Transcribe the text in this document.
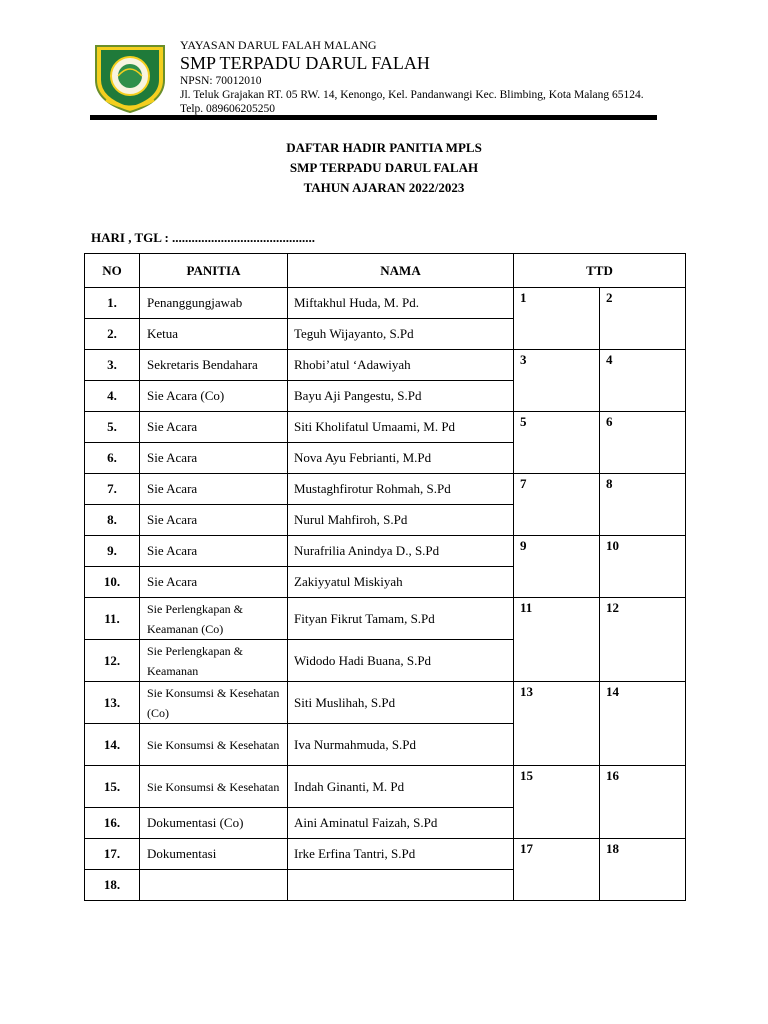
YAYASAN DARUL FALAH MALANG
SMP TERPADU DARUL FALAH
NPSN: 70012010
Jl. Teluk Grajakan RT. 05 RW. 14, Kenongo, Kel. Pandanwangi Kec. Blimbing, Kota Malang 65124. Telp. 089606205250
DAFTAR HADIR PANITIA MPLS
SMP TERPADU DARUL FALAH
TAHUN AJARAN 2022/2023
HARI , TGL : ............................................
NO	PANITIA	NAMA	TTD	
1.	Penanggungjawab	Miftakhul Huda, M. Pd.	1	2
2.	Ketua	Teguh Wijayanto, S.Pd		
3.	Sekretaris Bendahara	Rhobi’atul ‘Adawiyah	3	4
4.	Sie Acara (Co)	Bayu Aji Pangestu, S.Pd		
5.	Sie Acara	Siti Kholifatul Umaami, M. Pd	5	6
6.	Sie Acara	Nova Ayu Febrianti, M.Pd		
7.	Sie Acara	Mustaghfirotur Rohmah, S.Pd	7	8
8.	Sie Acara	Nurul Mahfiroh, S.Pd		
9.	Sie Acara	Nurafrilia Anindya D., S.Pd	9	10
10.	Sie Acara	Zakiyyatul Miskiyah		
11.	Sie Perlengkapan & Keamanan (Co)	Fityan Fikrut Tamam, S.Pd	11	12
12.	Sie Perlengkapan & Keamanan	Widodo Hadi Buana, S.Pd		
13.	Sie Konsumsi & Kesehatan (Co)	Siti Muslihah, S.Pd	13	14
14.	Sie Konsumsi & Kesehatan	Iva Nurmahmuda, S.Pd		
15.	Sie Konsumsi & Kesehatan	Indah Ginanti, M. Pd	15	16
16.	Dokumentasi (Co)	Aini Aminatul Faizah, S.Pd		
17.	Dokumentasi	Irke Erfina Tantri, S.Pd	17	18
18.				
